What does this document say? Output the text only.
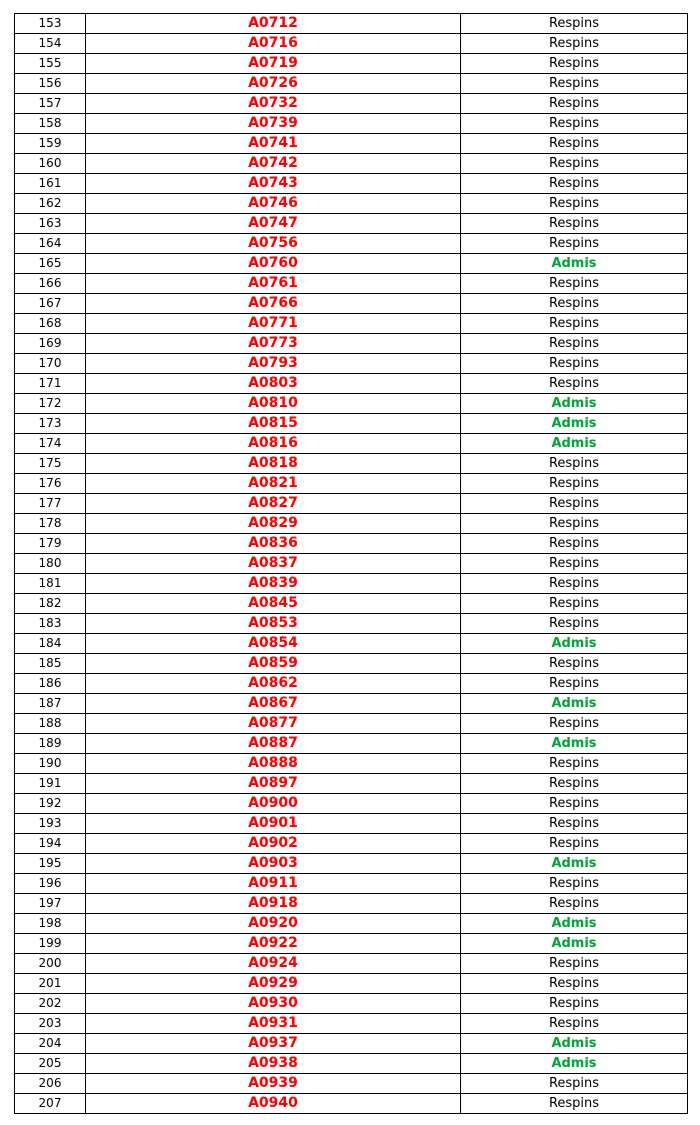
153	A0712	Respins
154	A0716	Respins
155	A0719	Respins
156	A0726	Respins
157	A0732	Respins
158	A0739	Respins
159	A0741	Respins
160	A0742	Respins
161	A0743	Respins
162	A0746	Respins
163	A0747	Respins
164	A0756	Respins
165	A0760	Admis
166	A0761	Respins
167	A0766	Respins
168	A0771	Respins
169	A0773	Respins
170	A0793	Respins
171	A0803	Respins
172	A0810	Admis
173	A0815	Admis
174	A0816	Admis
175	A0818	Respins
176	A0821	Respins
177	A0827	Respins
178	A0829	Respins
179	A0836	Respins
180	A0837	Respins
181	A0839	Respins
182	A0845	Respins
183	A0853	Respins
184	A0854	Admis
185	A0859	Respins
186	A0862	Respins
187	A0867	Admis
188	A0877	Respins
189	A0887	Admis
190	A0888	Respins
191	A0897	Respins
192	A0900	Respins
193	A0901	Respins
194	A0902	Respins
195	A0903	Admis
196	A0911	Respins
197	A0918	Respins
198	A0920	Admis
199	A0922	Admis
200	A0924	Respins
201	A0929	Respins
202	A0930	Respins
203	A0931	Respins
204	A0937	Admis
205	A0938	Admis
206	A0939	Respins
207	A0940	Respins
